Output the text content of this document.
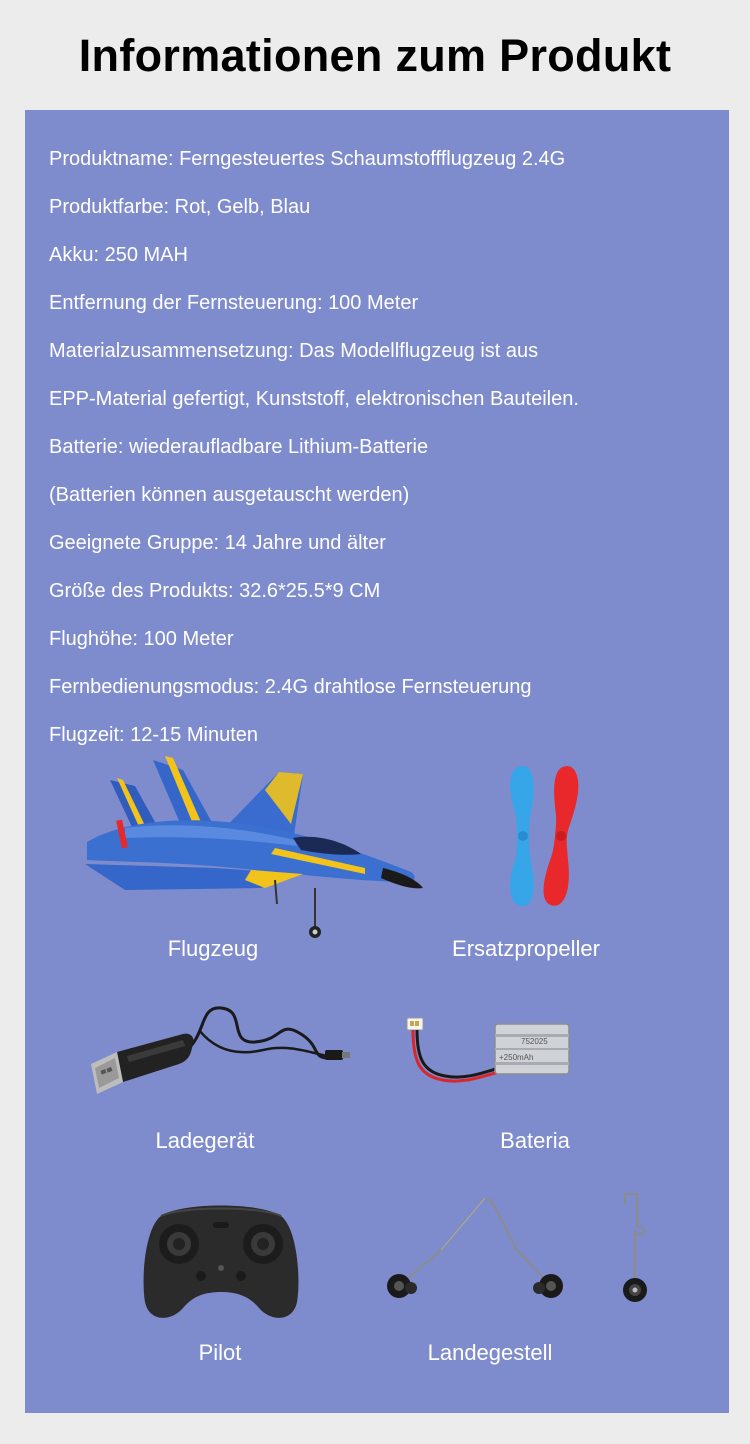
Informationen zum Produkt

Produktname: Ferngesteuertes Schaumstoffflugzeug 2.4G

Produktfarbe: Rot, Gelb, Blau

Akku: 250 MAH

Entfernung der Fernsteuerung: 100 Meter

Materialzusammensetzung: Das Modellflugzeug ist aus

EPP-Material gefertigt, Kunststoff, elektronischen Bauteilen.

Batterie: wiederaufladbare Lithium-Batterie

(Batterien können ausgetauscht werden)

Geeignete Gruppe: 14 Jahre und älter

Größe des Produkts: 32.6*25.5*9 CM

Flughöhe: 100 Meter

Fernbedienungsmodus: 2.4G drahtlose Fernsteuerung

Flugzeit: 12-15 Minuten

Flugzeug	Ersatzpropeller
Ladegerät
752025
+250mAh
Bateria
Pilot	Landegestell
